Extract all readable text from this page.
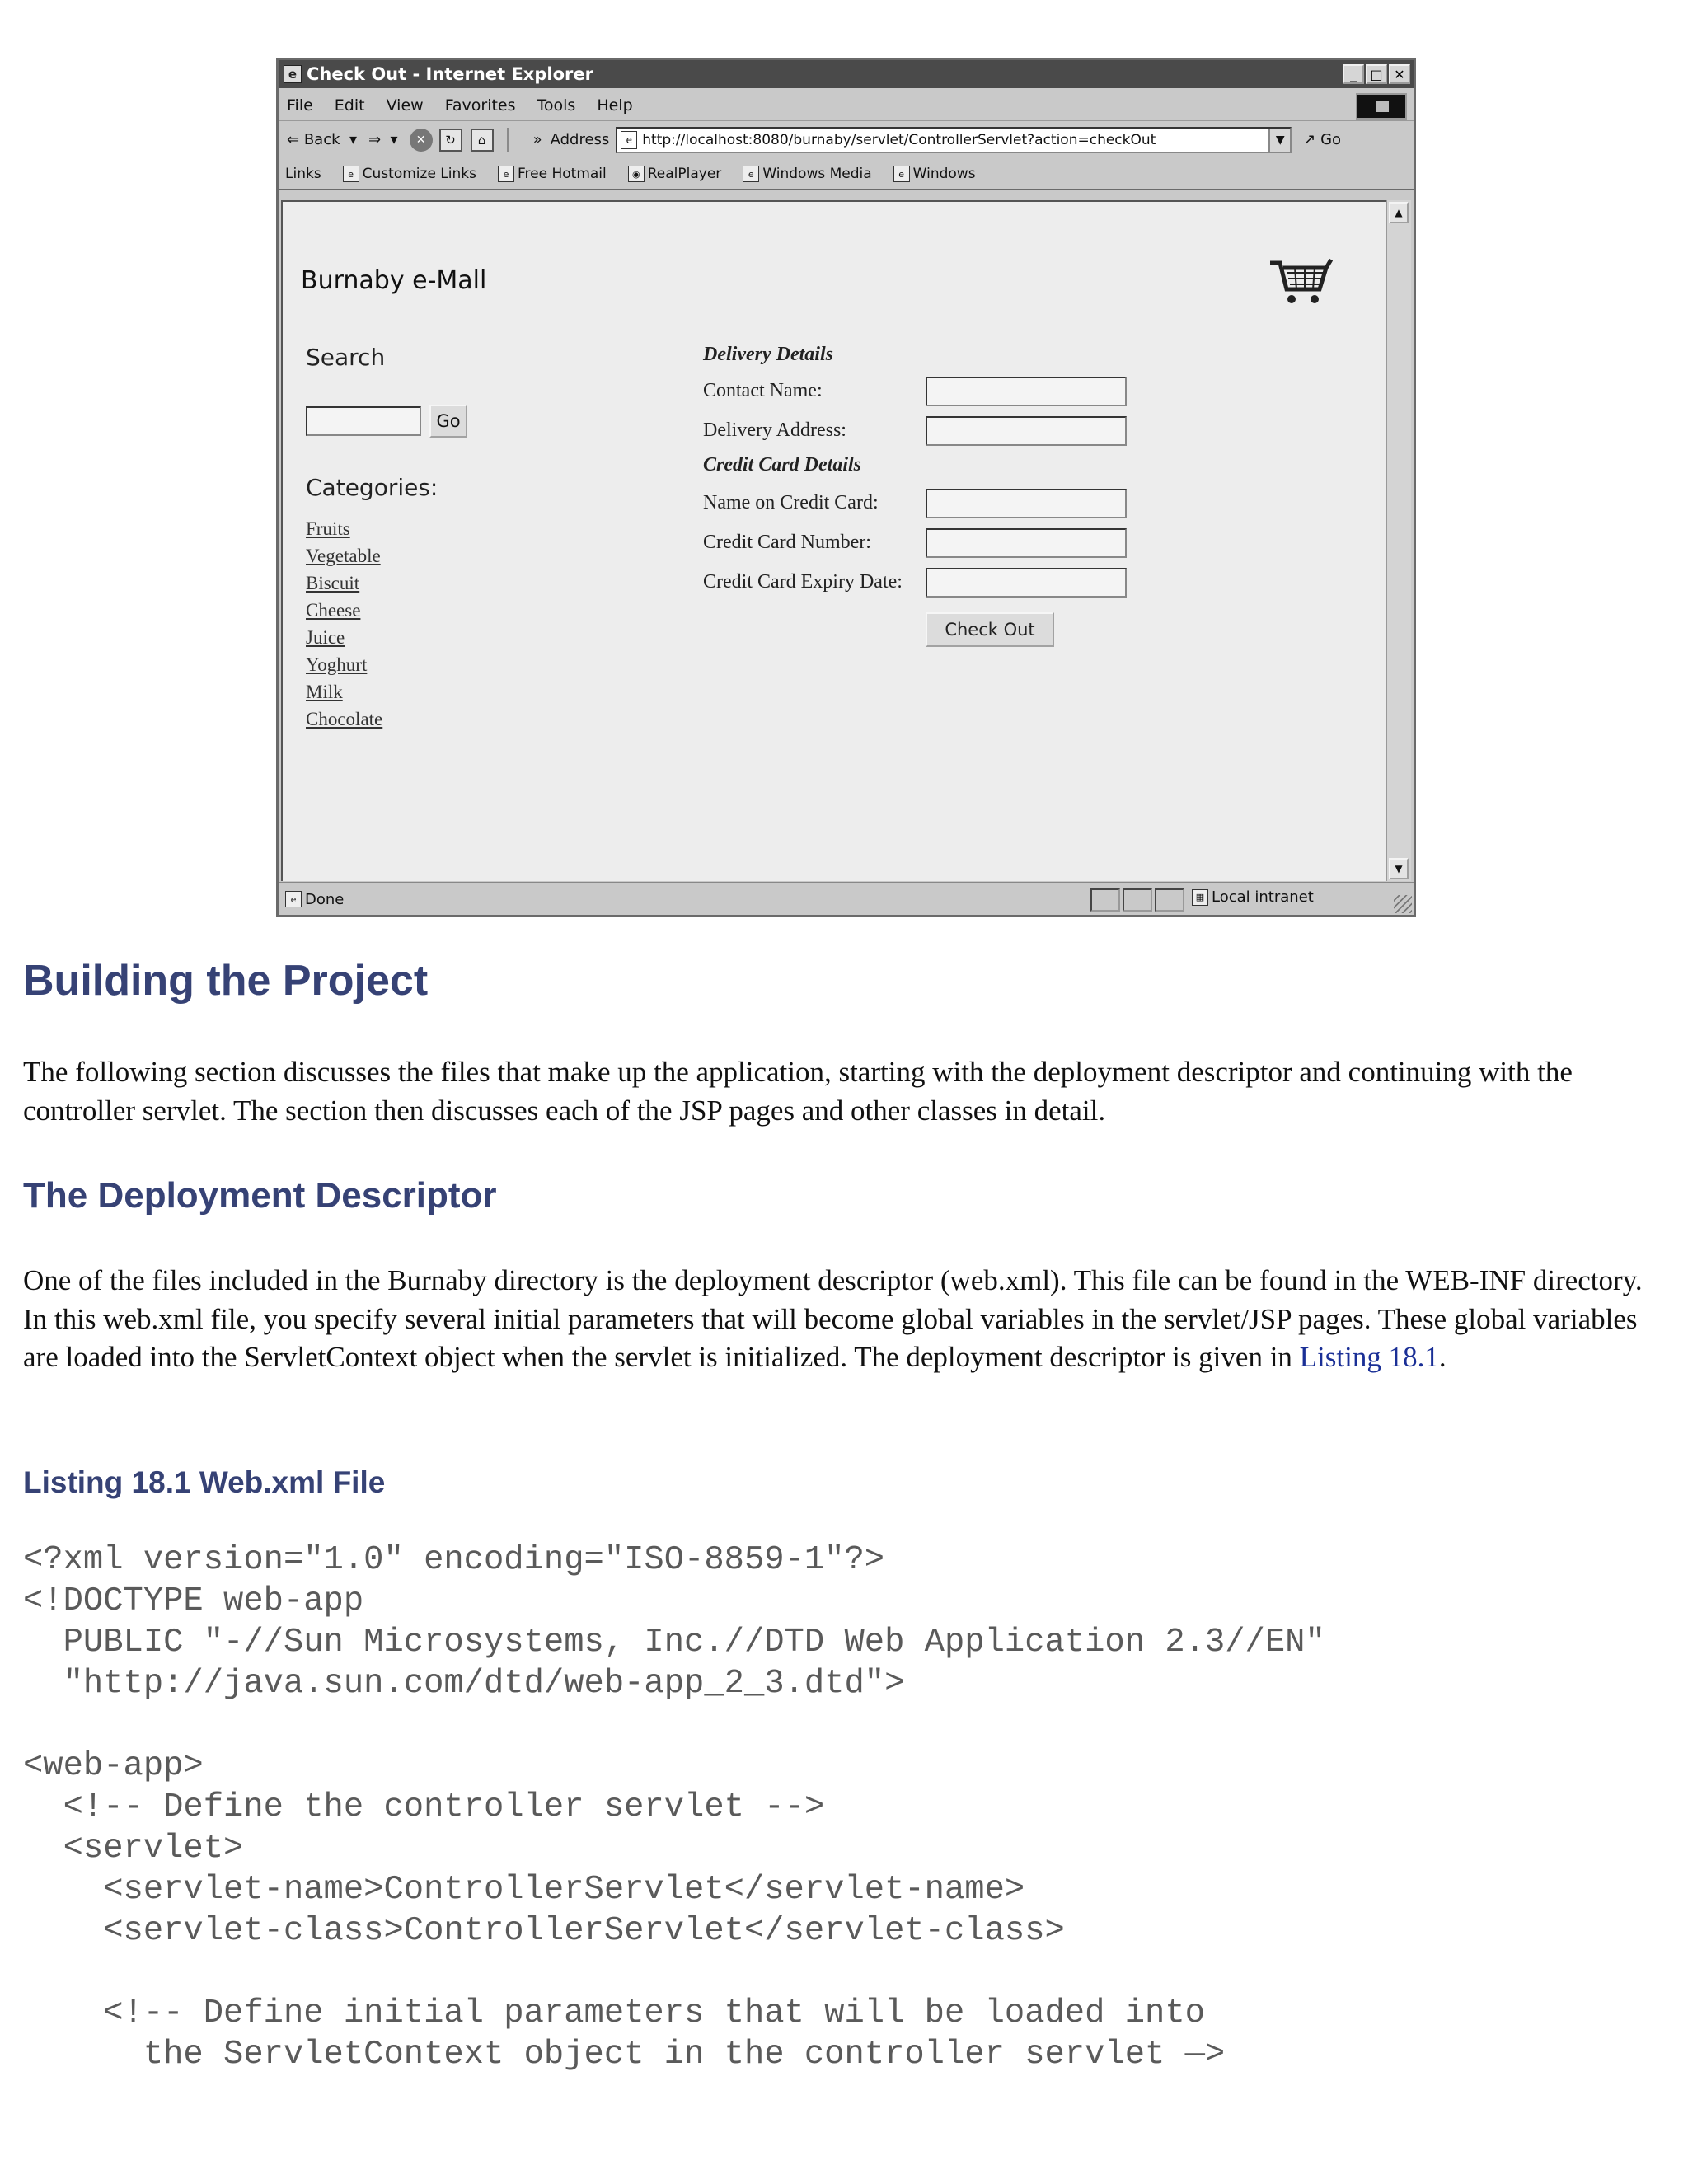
e Check Out - Internet Explorer	_	□ ✕
File Edit View Favorites Tools Help
⇐ Back ▾ ⇒ ▾	✕	↻	⌂	» Address	e http://localhost:8080/burnaby/servlet/ControllerServlet?action=checkOut	▼	↗ Go
Links	e Customize Links	e Free Hotmail	◉ RealPlayer	e Windows Media	e Windows
Burnaby e-Mall
Search
Go
Categories:
Fruits
Vegetable
Biscuit
Cheese
Juice
Yoghurt
Milk
Chocolate
Delivery Details
Contact Name:
Delivery Address:
Credit Card Details
Name on Credit Card:
Credit Card Number:
Credit Card Expiry Date:
Check Out
▲
▼
e Done	▦ Local intranet
Building the Project

The following section discusses the files that make up the application, starting with the deployment descriptor and continuing with the controller servlet. The section then discusses each of the JSP pages and other classes in detail.

The Deployment Descriptor

One of the files included in the Burnaby directory is the deployment descriptor (web.xml). This file can be found in the WEB-INF directory. In this web.xml file, you specify several initial parameters that will become global variables in the servlet/JSP pages. These global variables are loaded into the ServletContext object when the servlet is initialized. The deployment descriptor is given in Listing 18.1.

Listing 18.1 Web.xml File
<?xml version="1.0" encoding="ISO-8859-1"?>
<!DOCTYPE web-app
PUBLIC "-//Sun Microsystems, Inc.//DTD Web Application 2.3//EN"
"http://java.sun.com/dtd/web-app_2_3.dtd">

<web-app>
<!-- Define the controller servlet -->
<servlet>
<servlet-name>ControllerServlet</servlet-name>
<servlet-class>ControllerServlet</servlet-class>

<!-- Define initial parameters that will be loaded into
the ServletContext object in the controller servlet —>
